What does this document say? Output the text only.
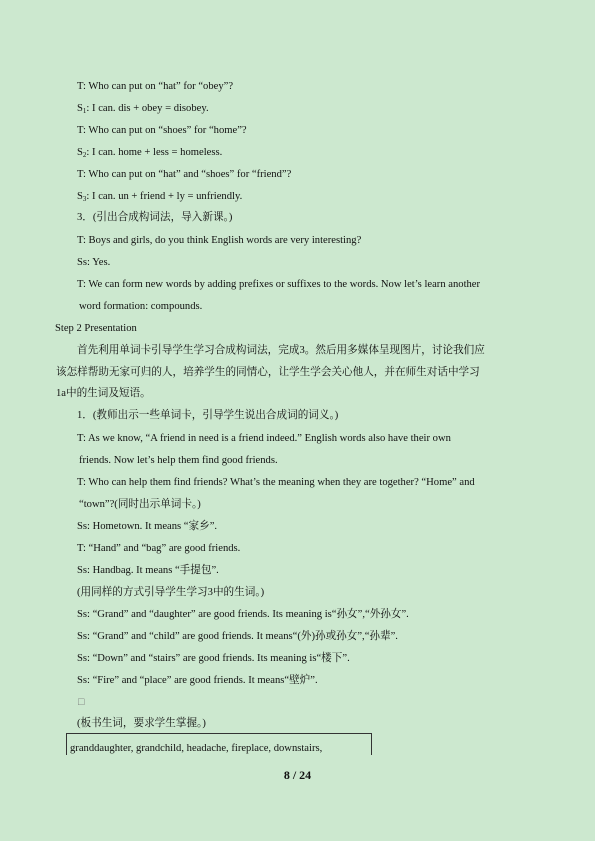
T: Who can put on “hat” for “obey”?
$S_1$: I can. dis + obey = disobey.
T: Who can put on “shoes” for “home”?
$S_2$: I can. home + less = homeless.
T: Who can put on “hat” and “shoes” for “friend”?
$S_3$: I can. un + friend + ly = unfriendly.
3．(引出合成构词法，导入新课。)
T: Boys and girls, do you think English words are very interesting?
Ss: Yes.
T: We can form new words by adding prefixes or suffixes to the words. Now let’s learn another
word formation: compounds.
Step 2 Presentation
首先利用单词卡引导学生学习合成构词法，完成3。然后用多媒体呈现图片，讨论我们应
该怎样帮助无家可归的人，培养学生的同情心，让学生学会关心他人，并在师生对话中学习
1a中的生词及短语。
1．(教师出示一些单词卡，引导学生说出合成词的词义。)
T: As we know, “A friend in need is a friend indeed.” English words also have their own
friends. Now let’s help them find good friends.
T: Who can help them find friends? What’s the meaning when they are together? “Home” and
“town”?(同时出示单词卡。)
Ss: Hometown. It means “家乡”.
T: “Hand” and “bag” are good friends.
Ss: Handbag. It means “手提包”.
(用同样的方式引导学生学习3中的生词。)
Ss: “Grand” and “daughter” are good friends. Its meaning is“孙女”,“外孙女”.
Ss: “Grand” and “child” are good friends. It means“(外)孙或孙女”,“孙辈”.
Ss: “Down” and “stairs” are good friends. Its meaning is“楼下”.
Ss: “Fire” and “place” are good friends. It means“壁炉”.
□
(板书生词，要求学生掌握。)
granddaughter, grandchild, headache, fireplace, downstairs,
8 / 24
